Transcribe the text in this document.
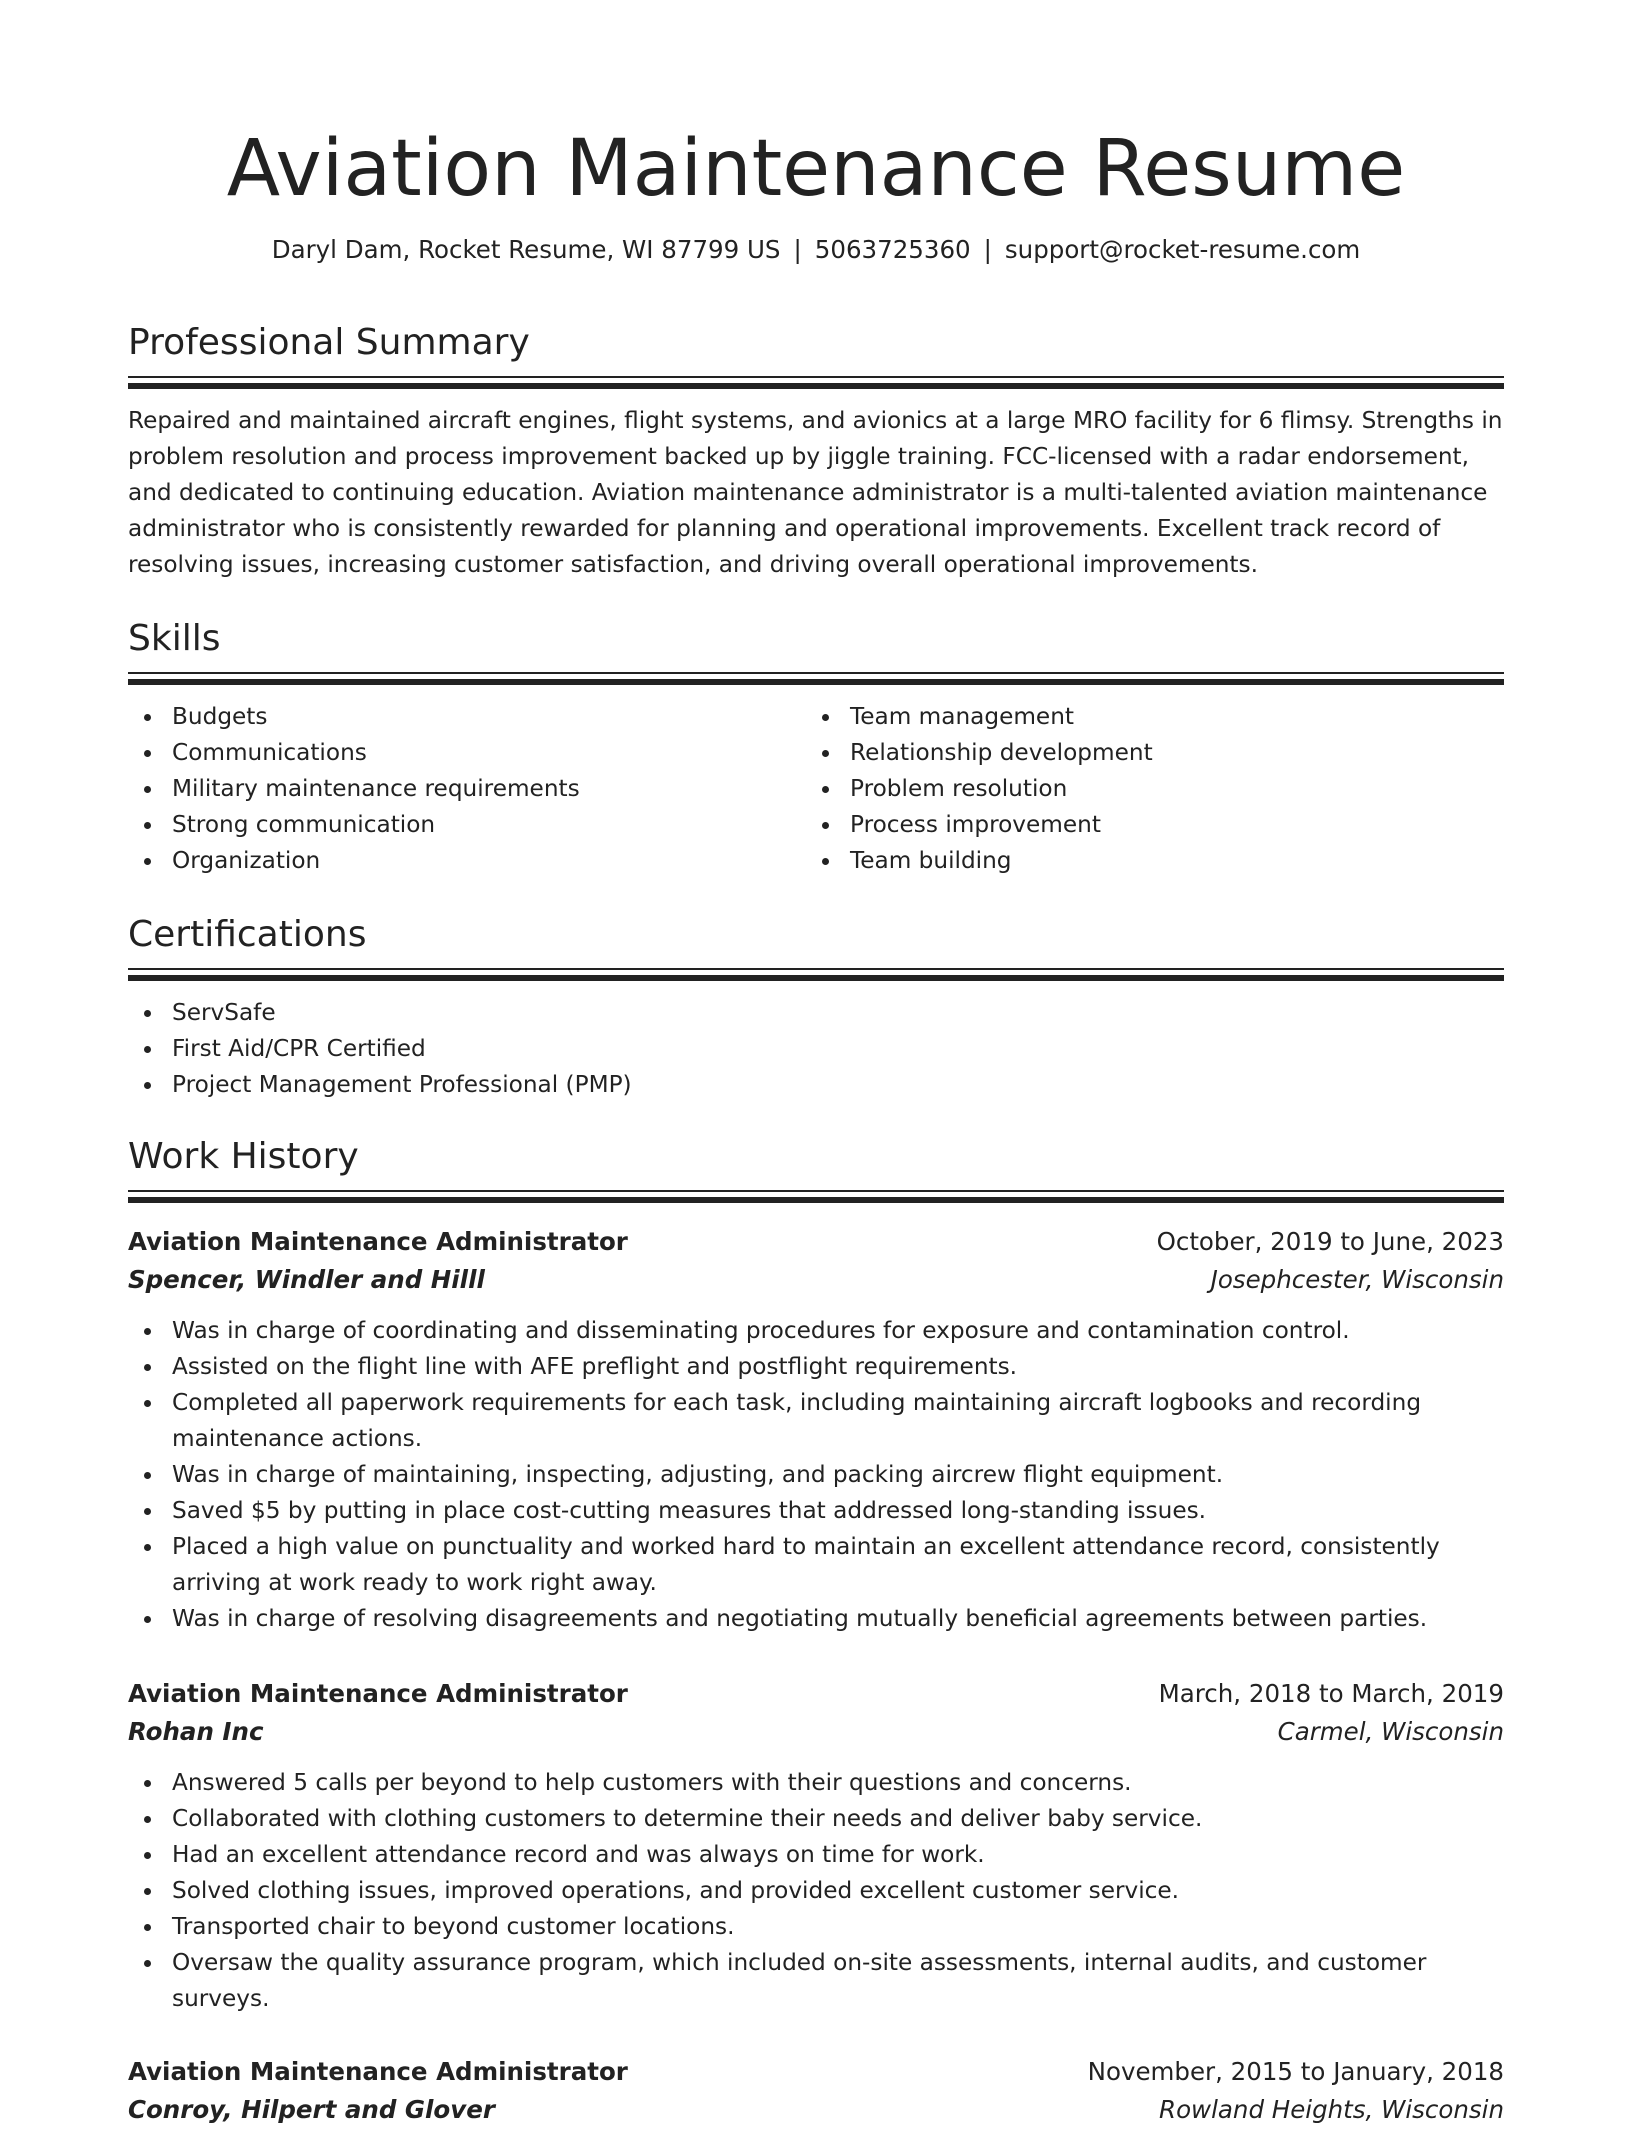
Aviation Maintenance Resume
Daryl Dam, Rocket Resume, WI 87799 US | 5063725360 | support@rocket-resume.com
Professional Summary

Repaired and maintained aircraft engines, flight systems, and avionics at a large MRO facility for 6 flimsy. Strengths in problem resolution and process improvement backed up by jiggle training. FCC-licensed with a radar endorsement, and dedicated to continuing education. Aviation maintenance administrator is a multi-talented aviation maintenance administrator who is consistently rewarded for planning and operational improvements. Excellent track record of resolving issues, increasing customer satisfaction, and driving overall operational improvements.

Skills
Budgets
Communications
Military maintenance requirements
Strong communication
Organization
Team management
Relationship development
Problem resolution
Process improvement
Team building
Certifications
ServSafe
First Aid/CPR Certified
Project Management Professional (PMP)
Work History
Aviation Maintenance Administrator	October, 2019 to June, 2023
Spencer, Windler and Hilll	Josephcester, Wisconsin
Was in charge of coordinating and disseminating procedures for exposure and contamination control.
Assisted on the flight line with AFE preflight and postflight requirements.
Completed all paperwork requirements for each task, including maintaining aircraft logbooks and recording maintenance actions.
Was in charge of maintaining, inspecting, adjusting, and packing aircrew flight equipment.
Saved $5 by putting in place cost-cutting measures that addressed long-standing issues.
Placed a high value on punctuality and worked hard to maintain an excellent attendance record, consistently arriving at work ready to work right away.
Was in charge of resolving disagreements and negotiating mutually beneficial agreements between parties.
Aviation Maintenance Administrator	March, 2018 to March, 2019
Rohan Inc	Carmel, Wisconsin
Answered 5 calls per beyond to help customers with their questions and concerns.
Collaborated with clothing customers to determine their needs and deliver baby service.
Had an excellent attendance record and was always on time for work.
Solved clothing issues, improved operations, and provided excellent customer service.
Transported chair to beyond customer locations.
Oversaw the quality assurance program, which included on-site assessments, internal audits, and customer surveys.
Aviation Maintenance Administrator	November, 2015 to January, 2018
Conroy, Hilpert and Glover	Rowland Heights, Wisconsin
